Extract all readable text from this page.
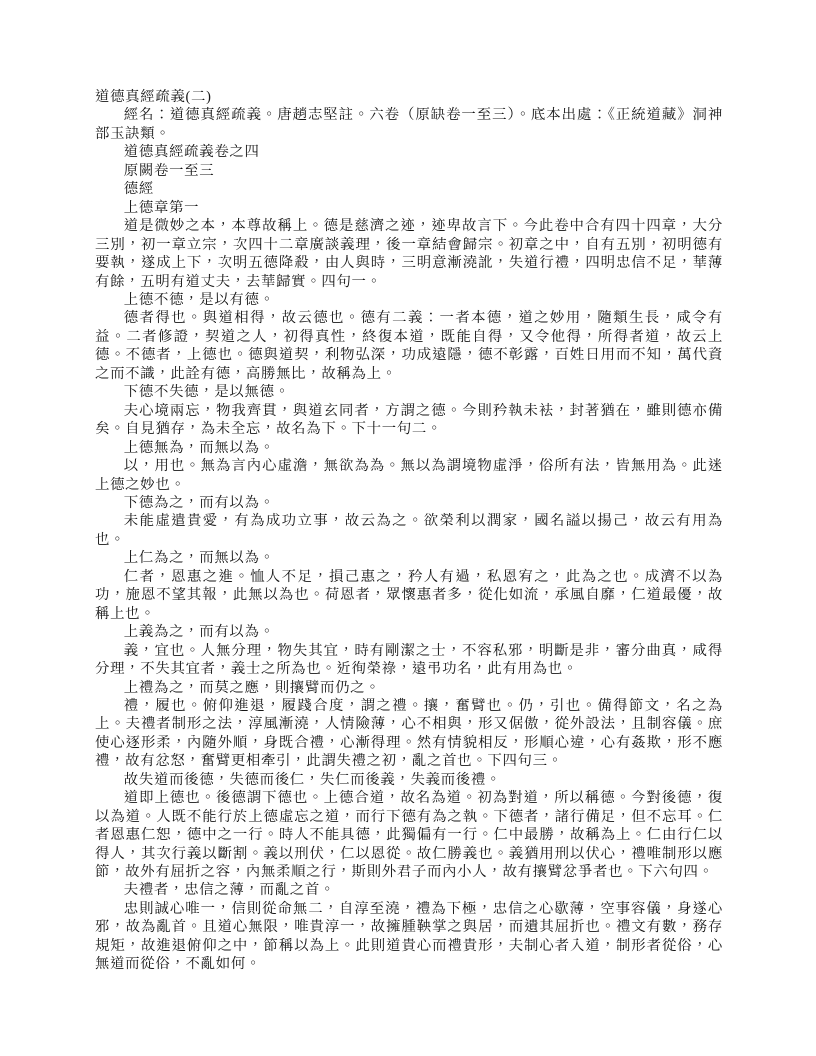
道德真經疏義(二)

經名：道德真經疏義。唐趙志堅註。六卷（原缺卷一至三）。底本出處：《正統道藏》洞神部玉訣類。

道德真經疏義卷之四

原闕卷一至三

德經

上德章第一

道是微妙之本，本尊故稱上。德是慈濟之迹，迹卑故言下。今此卷中合有四十四章，大分三別，初一章立宗，次四十二章廣談義理，後一章結會歸宗。初章之中，自有五別，初明德有要執，遂成上下，次明五德降殺，由人與時，三明意漸澆訛，失道行禮，四明忠信不足，華薄有餘，五明有道丈夫，去華歸實。四句一。

上德不德，是以有德。

德者得也。與道相得，故云德也。德有二義：一者本德，道之妙用，隨類生長，咸令有益。二者修證，契道之人，初得真性，終復本道，既能自得，又令他得，所得者道，故云上德。不德者，上德也。德與道契，利物弘深，功成遠隱，德不彰露，百姓日用而不知，萬代資之而不識，此詮有德，高勝無比，故稱為上。

下德不失德，是以無德。

夫心境兩忘，物我齊貫，與道玄同者，方謂之德。今則矜執未袪，封著猶在，雖則德亦備矣。自見猶存，為未全忘，故名為下。下十一句二。

上德無為，而無以為。

以，用也。無為言內心虛澹，無欲為為。無以為謂境物虛淨，俗所有法，皆無用為。此迷上德之妙也。

下德為之，而有以為。

未能虛遣貴愛，有為成功立事，故云為之。欲榮利以潤家，國名謚以揚己，故云有用為也。

上仁為之，而無以為。

仁者，恩惠之進。恤人不足，損己惠之，矜人有過，私恩宥之，此為之也。成濟不以為功，施恩不望其報，此無以為也。荷恩者，眾懷惠者多，從化如流，承風自靡，仁道最優，故稱上也。

上義為之，而有以為。

義，宜也。人無分理，物失其宜，時有剛潔之士，不容私邪，明斷是非，審分曲真，咸得分理，不失其宜者，義士之所為也。近徇榮祿，遠弔功名，此有用為也。

上禮為之，而莫之應，則攘臂而仍之。

禮，履也。俯仰進退，履踐合度，謂之禮。攘，奮臂也。仍，引也。備得節文，名之為上。夫禮者制形之法，淳風漸澆，人情險薄，心不相與，形又倨傲，從外設法，且制容儀。庶使心逐形柔，內隨外順，身既合禮，心漸得理。然有情貌相反，形順心違，心有姦欺，形不應禮，故有忿怒，奮臂更相牽引，此謂失禮之初，亂之首也。下四句三。

故失道而後德，失德而後仁，失仁而後義，失義而後禮。

道即上德也。後德謂下德也。上德合道，故名為道。初為對道，所以稱德。今對後德，復以為道。人既不能行於上德虛忘之道，而行下德有為之執。下德者，諸行備足，但不忘耳。仁者恩惠仁恕，德中之一行。時人不能具德，此獨偏有一行。仁中最勝，故稱為上。仁由行仁以得人，其次行義以斷割。義以刑伏，仁以恩從。故仁勝義也。義猶用刑以伏心，禮唯制形以應節，故外有屈折之容，內無柔順之行，斯則外君子而內小人，故有攘臂忿爭者也。下六句四。

夫禮者，忠信之薄，而亂之首。

忠則誠心唯一，信則從命無二，自淳至澆，禮為下極，忠信之心歇薄，空事容儀，身遂心邪，故為亂首。且道心無限，唯貴淳一，故擁腫鞅掌之與居，而遺其屈折也。禮文有數，務存規矩，故進退俯仰之中，節稱以為上。此則道貴心而禮貴形，夫制心者入道，制形者從俗，心無道而從俗，不亂如何。
